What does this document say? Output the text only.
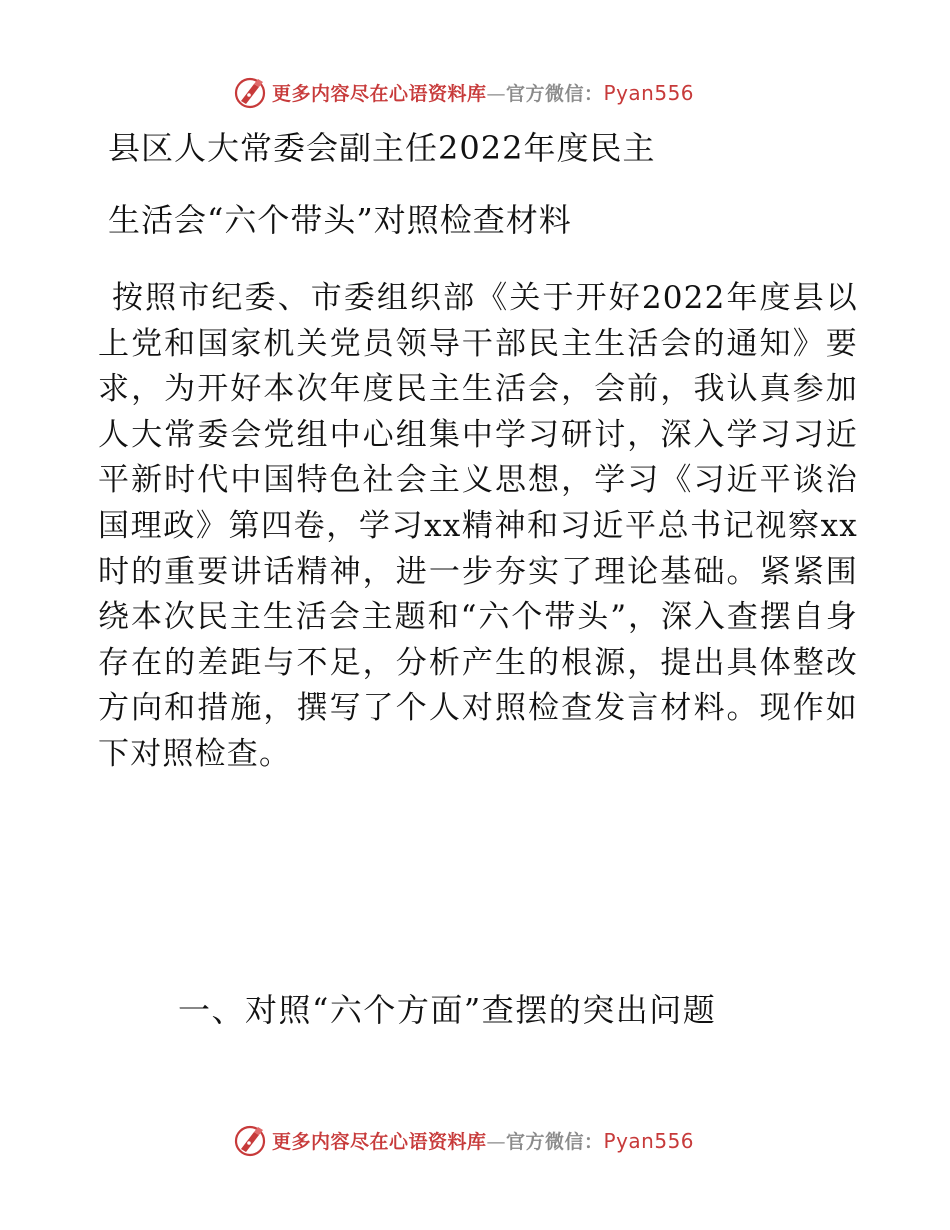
更多内容尽在心语资料库—官方微信：Pyan556
县区人大常委会副主任2022年度民主
生活会“六个带头”对照检查材料

按照市纪委、市委组织部《关于开好2022年度县以上党和国家机关党员领导干部民主生活会的通知》要求，为开好本次年度民主生活会，会前，我认真参加人大常委会党组中心组集中学习研讨，深入学习习近平新时代中国特色社会主义思想，学习《习近平谈治国理政》第四卷，学习xx精神和习近平总书记视察xx时的重要讲话精神，进一步夯实了理论基础。紧紧围绕本次民主生活会主题和“六个带头”，深入查摆自身存在的差距与不足，分析产生的根源，提出具体整改方向和措施，撰写了个人对照检查发言材料。现作如下对照检查。

一、对照“六个方面”查摆的突出问题
更多内容尽在心语资料库—官方微信：Pyan556
